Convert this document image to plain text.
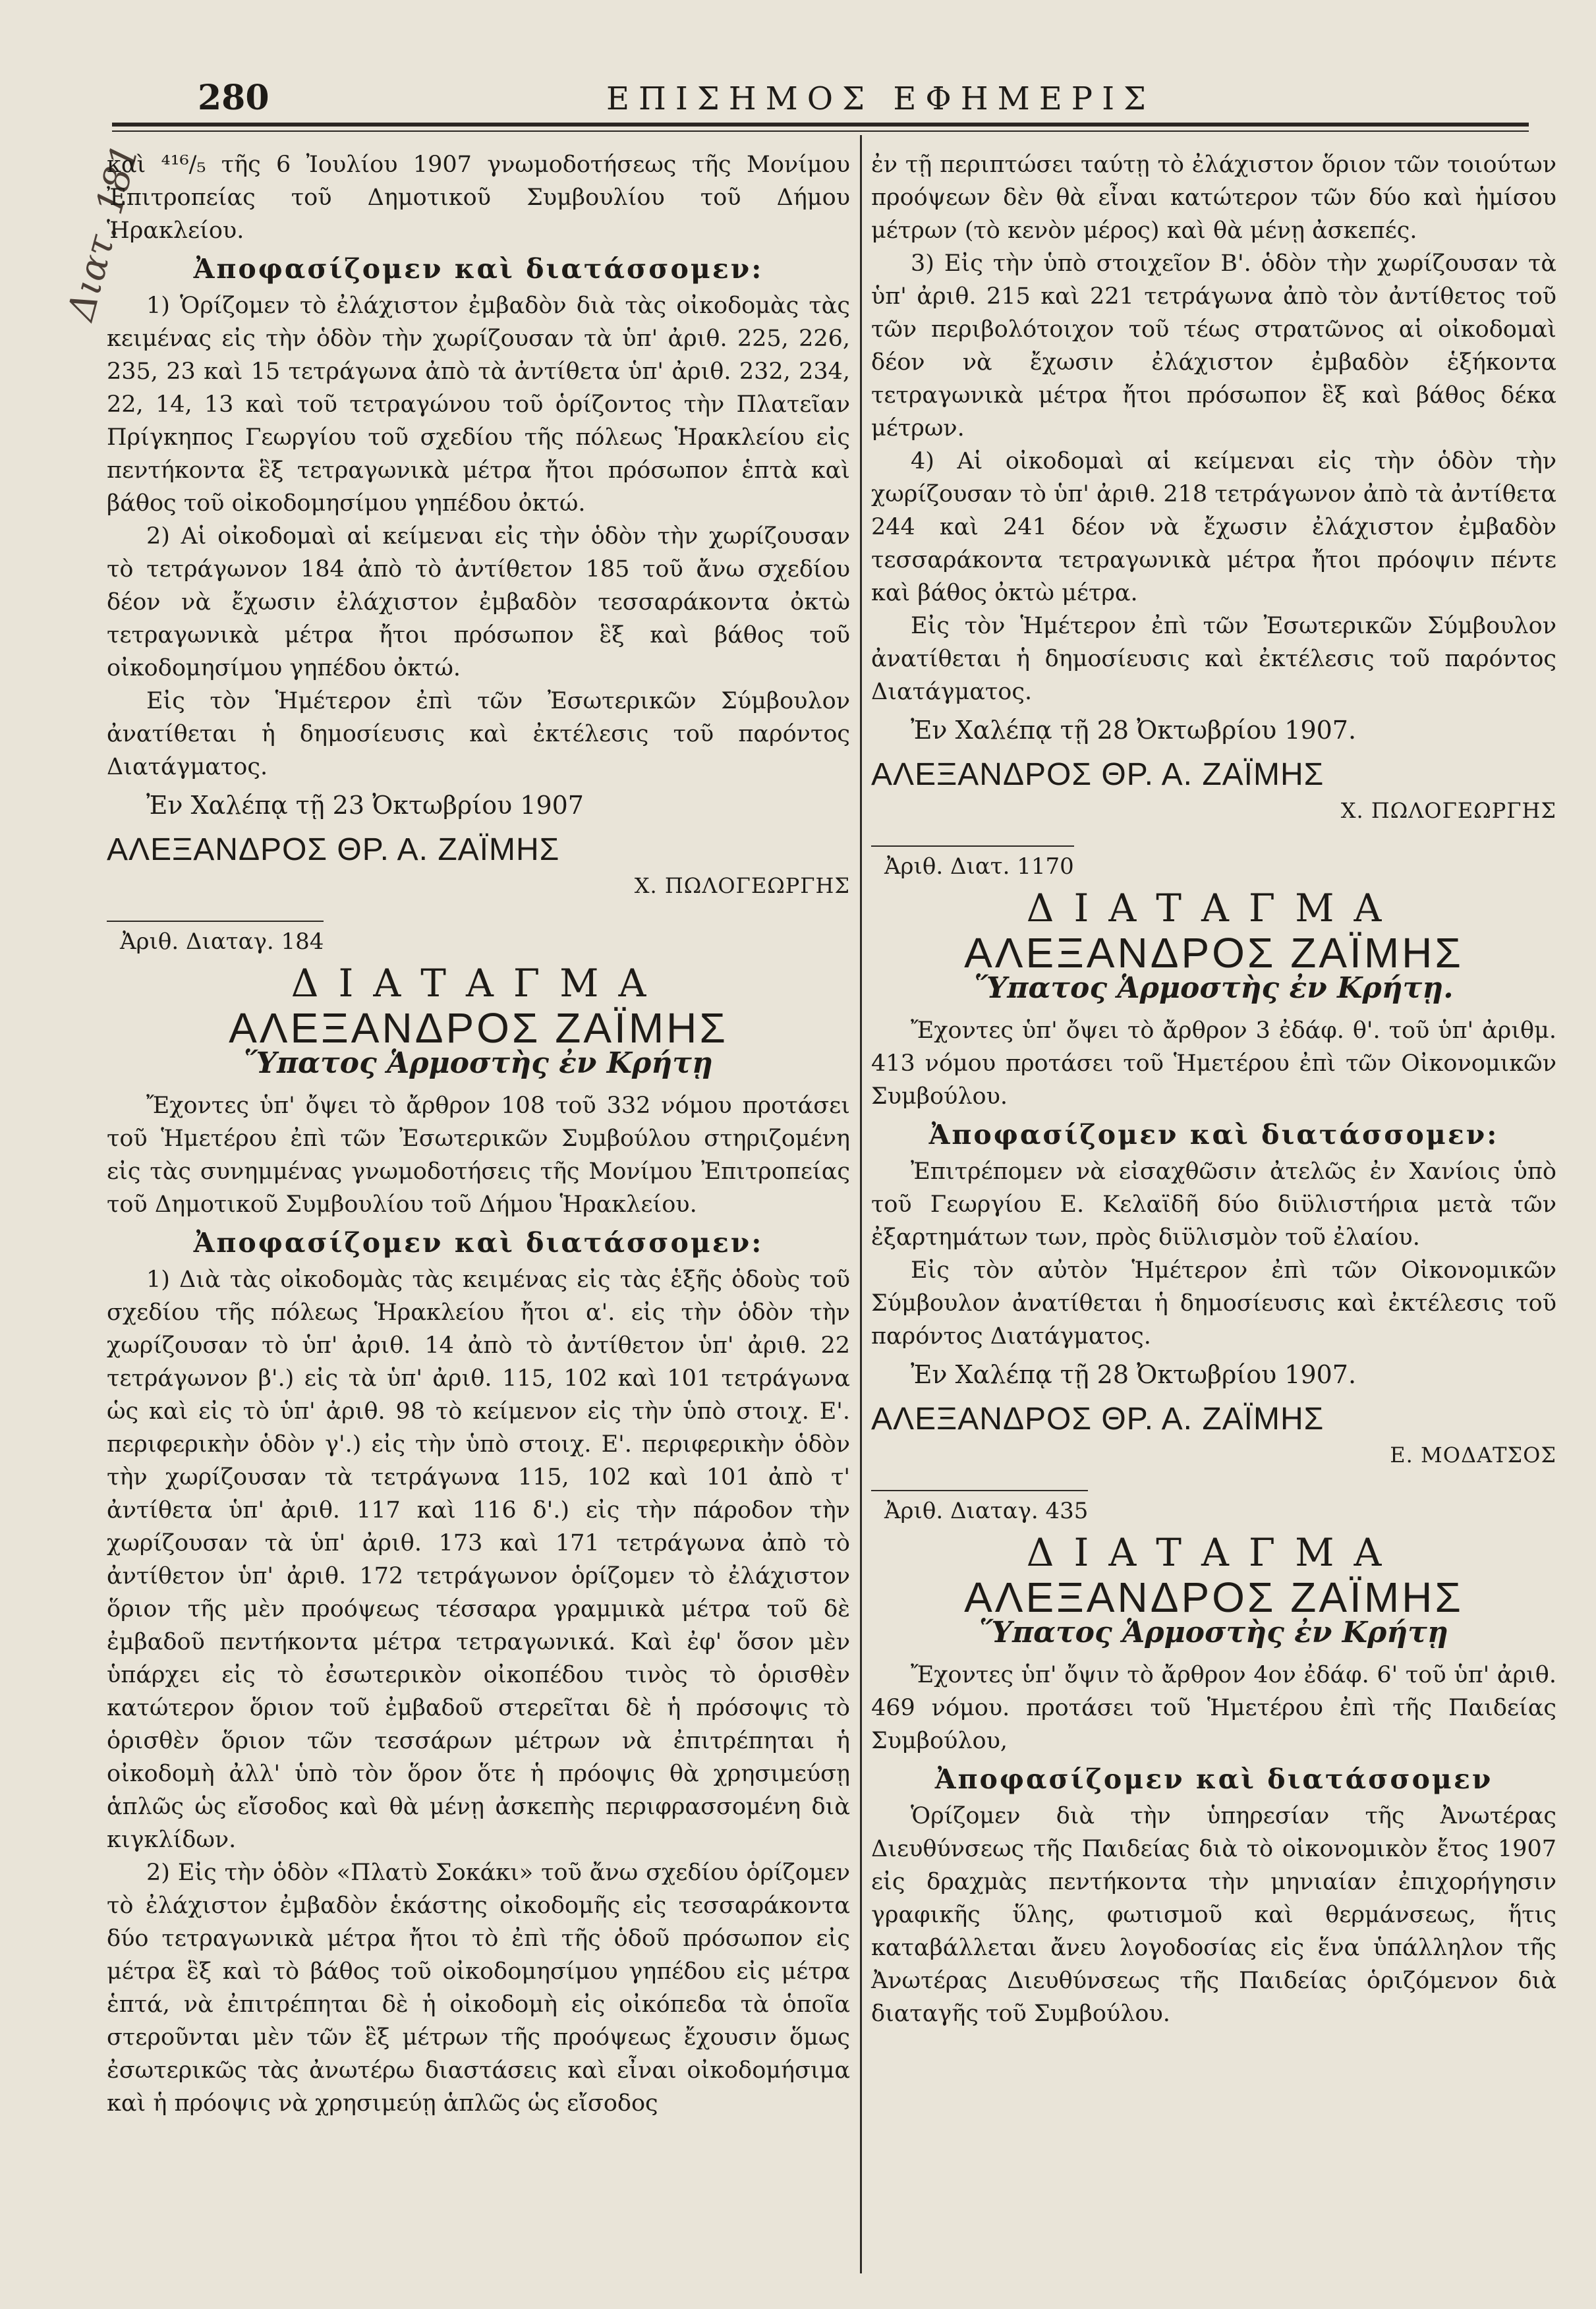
280	ΕΠΙΣΗΜΟΣ ΕΦΗΜΕΡΙΣ
Διατ. 181

καὶ ⁴¹⁶/₅ τῆς 6 Ἰουλίου 1907 γνωμοδοτήσεως τῆς Μονίμου Ἐπιτροπείας τοῦ Δημοτικοῦ Συμβουλίου τοῦ Δήμου Ἡρακλείου.

Ἀποφασίζομεν καὶ διατάσσομεν:

1) Ὁρίζομεν τὸ ἐλάχιστον ἐμβαδὸν διὰ τὰς οἰκοδομὰς τὰς κειμένας εἰς τὴν ὁδὸν τὴν χωρίζουσαν τὰ ὑπ' ἀριθ. 225, 226, 235, 23 καὶ 15 τετράγωνα ἀπὸ τὰ ἀντίθετα ὑπ' ἀριθ. 232, 234, 22, 14, 13 καὶ τοῦ τετραγώνου τοῦ ὁρίζοντος τὴν Πλατεῖαν Πρίγκηπος Γεωργίου τοῦ σχεδίου τῆς πόλεως Ἡρακλείου εἰς πεντήκοντα ἓξ τετραγωνικὰ μέτρα ἤτοι πρόσωπον ἑπτὰ καὶ βάθος τοῦ οἰκοδομησίμου γηπέδου ὀκτώ.

2) Αἱ οἰκοδομαὶ αἱ κείμεναι εἰς τὴν ὁδὸν τὴν χωρίζουσαν τὸ τετράγωνον 184 ἀπὸ τὸ ἀντίθετον 185 τοῦ ἄνω σχεδίου δέον νὰ ἔχωσιν ἐλάχιστον ἐμβαδὸν τεσσαράκοντα ὀκτὼ τετραγωνικὰ μέτρα ἤτοι πρόσωπον ἓξ καὶ βάθος τοῦ οἰκοδομησίμου γηπέδου ὀκτώ.

Εἰς τὸν Ἡμέτερον ἐπὶ τῶν Ἐσωτερικῶν Σύμβουλον ἀνατίθεται ἡ δημοσίευσις καὶ ἐκτέλεσις τοῦ παρόντος Διατάγματος.

Ἐν Χαλέπᾳ τῇ 23 Ὀκτωβρίου 1907

ΑΛΕΞΑΝΔΡΟΣ ΘΡ. Α. ΖΑΪΜΗΣ

Χ. ΠΩΛΟΓΕΩΡΓΗΣ

Ἀριθ. Διαταγ. 184

ΔΙΑΤΑΓΜΑ

ΑΛΕΞΑΝΔΡΟΣ ΖΑΪΜΗΣ

Ὕπατος Ἁρμοστὴς ἐν Κρήτῃ

Ἔχοντες ὑπ' ὄψει τὸ ἄρθρον 108 τοῦ 332 νόμου προτάσει τοῦ Ἡμετέρου ἐπὶ τῶν Ἐσωτερικῶν Συμβούλου στηριζομένη εἰς τὰς συνημμένας γνωμοδοτήσεις τῆς Μονίμου Ἐπιτροπείας τοῦ Δημοτικοῦ Συμβουλίου τοῦ Δήμου Ἡρακλείου.

Ἀποφασίζομεν καὶ διατάσσομεν:

1) Διὰ τὰς οἰκοδομὰς τὰς κειμένας εἰς τὰς ἑξῆς ὁδοὺς τοῦ σχεδίου τῆς πόλεως Ἡρακλείου ἤτοι α'. εἰς τὴν ὁδὸν τὴν χωρίζουσαν τὸ ὑπ' ἀριθ. 14 ἀπὸ τὸ ἀντίθετον ὑπ' ἀριθ. 22 τετράγωνον β'.) εἰς τὰ ὑπ' ἀριθ. 115, 102 καὶ 101 τετράγωνα ὡς καὶ εἰς τὸ ὑπ' ἀριθ. 98 τὸ κείμενον εἰς τὴν ὑπὸ στοιχ. Ε'. περιφερικὴν ὁδὸν γ'.) εἰς τὴν ὑπὸ στοιχ. Ε'. περιφερικὴν ὁδὸν τὴν χωρίζουσαν τὰ τετράγωνα 115, 102 καὶ 101 ἀπὸ τ' ἀντίθετα ὑπ' ἀριθ. 117 καὶ 116 δ'.) εἰς τὴν πάροδον τὴν χωρίζουσαν τὰ ὑπ' ἀριθ. 173 καὶ 171 τετράγωνα ἀπὸ τὸ ἀντίθετον ὑπ' ἀριθ. 172 τετράγωνον ὁρίζομεν τὸ ἐλάχιστον ὅριον τῆς μὲν προόψεως τέσσαρα γραμμικὰ μέτρα τοῦ δὲ ἐμβαδοῦ πεντήκοντα μέτρα τετραγωνικά. Καὶ ἐφ' ὅσον μὲν ὑπάρχει εἰς τὸ ἐσωτερικὸν οἰκοπέδου τινὸς τὸ ὁρισθὲν κατώτερον ὅριον τοῦ ἐμβαδοῦ στερεῖται δὲ ἡ πρόσοψις τὸ ὁρισθὲν ὅριον τῶν τεσσάρων μέτρων νὰ ἐπιτρέπηται ἡ οἰκοδομὴ ἀλλ' ὑπὸ τὸν ὅρον ὅτε ἡ πρόοψις θὰ χρησιμεύσῃ ἁπλῶς ὡς εἴσοδος καὶ θὰ μένῃ ἀσκεπὴς περιφρασσομένη διὰ κιγκλίδων.

2) Εἰς τὴν ὁδὸν «Πλατὺ Σοκάκι» τοῦ ἄνω σχεδίου ὁρίζομεν τὸ ἐλάχιστον ἐμβαδὸν ἑκάστης οἰκοδομῆς εἰς τεσσαράκοντα δύο τετραγωνικὰ μέτρα ἤτοι τὸ ἐπὶ τῆς ὁδοῦ πρόσωπον εἰς μέτρα ἓξ καὶ τὸ βάθος τοῦ οἰκοδομησίμου γηπέδου εἰς μέτρα ἑπτά, νὰ ἐπιτρέπηται δὲ ἡ οἰκοδομὴ εἰς οἰκόπεδα τὰ ὁποῖα στεροῦνται μὲν τῶν ἓξ μέτρων τῆς προόψεως ἔχουσιν ὅμως ἐσωτερικῶς τὰς ἀνωτέρω διαστάσεις καὶ εἶναι οἰκοδομήσιμα καὶ ἡ πρόοψις νὰ χρησιμεύῃ ἁπλῶς ὡς εἴσοδος

ἐν τῇ περιπτώσει ταύτῃ τὸ ἐλάχιστον ὅριον τῶν τοιούτων προόψεων δὲν θὰ εἶναι κατώτερον τῶν δύο καὶ ἡμίσου μέτρων (τὸ κενὸν μέρος) καὶ θὰ μένῃ ἀσκεπές.

3) Εἰς τὴν ὑπὸ στοιχεῖον Β'. ὁδὸν τὴν χωρίζουσαν τὰ ὑπ' ἀριθ. 215 καὶ 221 τετράγωνα ἀπὸ τὸν ἀντίθετος τοῦ τῶν περιβολότοιχον τοῦ τέως στρατῶνος αἱ οἰκοδομαὶ δέον νὰ ἔχωσιν ἐλάχιστον ἐμβαδὸν ἑξήκοντα τετραγωνικὰ μέτρα ἤτοι πρόσωπον ἓξ καὶ βάθος δέκα μέτρων.

4) Αἱ οἰκοδομαὶ αἱ κείμεναι εἰς τὴν ὁδὸν τὴν χωρίζουσαν τὸ ὑπ' ἀριθ. 218 τετράγωνον ἀπὸ τὰ ἀντίθετα 244 καὶ 241 δέον νὰ ἔχωσιν ἐλάχιστον ἐμβαδὸν τεσσαράκοντα τετραγωνικὰ μέτρα ἤτοι πρόοψιν πέντε καὶ βάθος ὀκτὼ μέτρα.

Εἰς τὸν Ἡμέτερον ἐπὶ τῶν Ἐσωτερικῶν Σύμβουλον ἀνατίθεται ἡ δημοσίευσις καὶ ἐκτέλεσις τοῦ παρόντος Διατάγματος.

Ἐν Χαλέπᾳ τῇ 28 Ὀκτωβρίου 1907.

ΑΛΕΞΑΝΔΡΟΣ ΘΡ. Α. ΖΑΪΜΗΣ

Χ. ΠΩΛΟΓΕΩΡΓΗΣ

Ἀριθ. Διατ. 1170

ΔΙΑΤΑΓΜΑ

ΑΛΕΞΑΝΔΡΟΣ ΖΑΪΜΗΣ

Ὕπατος Ἁρμοστὴς ἐν Κρήτῃ.

Ἔχοντες ὑπ' ὄψει τὸ ἄρθρον 3 ἐδάφ. θ'. τοῦ ὑπ' ἀριθμ. 413 νόμου προτάσει τοῦ Ἡμετέρου ἐπὶ τῶν Οἰκονομικῶν Συμβούλου.

Ἀποφασίζομεν καὶ διατάσσομεν:

Ἐπιτρέπομεν νὰ εἰσαχθῶσιν ἀτελῶς ἐν Χανίοις ὑπὸ τοῦ Γεωργίου Ε. Κελαϊδῆ δύο διϋλιστήρια μετὰ τῶν ἐξαρτημάτων των, πρὸς διϋλισμὸν τοῦ ἐλαίου.

Εἰς τὸν αὐτὸν Ἡμέτερον ἐπὶ τῶν Οἰκονομικῶν Σύμβουλον ἀνατίθεται ἡ δημοσίευσις καὶ ἐκτέλεσις τοῦ παρόντος Διατάγματος.

Ἐν Χαλέπᾳ τῇ 28 Ὀκτωβρίου 1907.

ΑΛΕΞΑΝΔΡΟΣ ΘΡ. Α. ΖΑΪΜΗΣ

Ε. ΜΟΔΑΤΣΟΣ

Ἀριθ. Διαταγ. 435

ΔΙΑΤΑΓΜΑ

ΑΛΕΞΑΝΔΡΟΣ ΖΑΪΜΗΣ

Ὕπατος Ἁρμοστὴς ἐν Κρήτῃ

Ἔχοντες ὑπ' ὄψιν τὸ ἄρθρον 4ον ἐδάφ. 6' τοῦ ὑπ' ἀριθ. 469 νόμου. προτάσει τοῦ Ἡμετέρου ἐπὶ τῆς Παιδείας Συμβούλου,

Ἀποφασίζομεν καὶ διατάσσομεν

Ὁρίζομεν διὰ τὴν ὑπηρεσίαν τῆς Ἀνωτέρας Διευθύνσεως τῆς Παιδείας διὰ τὸ οἰκονομικὸν ἔτος 1907 εἰς δραχμὰς πεντήκοντα τὴν μηνιαίαν ἐπιχορήγησιν γραφικῆς ὕλης, φωτισμοῦ καὶ θερμάνσεως, ἥτις καταβάλλεται ἄνευ λογοδοσίας εἰς ἕνα ὑπάλληλον τῆς Ἀνωτέρας Διευθύνσεως τῆς Παιδείας ὁριζόμενον διὰ διαταγῆς τοῦ Συμβούλου.
